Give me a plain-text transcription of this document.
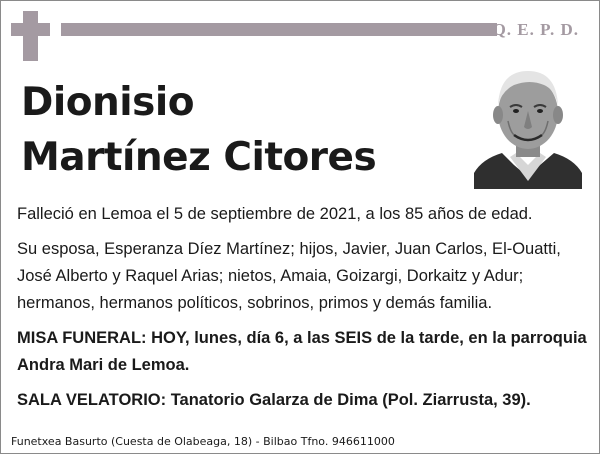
Q. E. P. D.
Dionisio
Martínez Citores

Falleció en Lemoa el 5 de septiembre de 2021, a los 85 años de edad.

Su esposa, Esperanza Díez Martínez; hijos, Javier, Juan Carlos, El-Ouatti, José Alberto y Raquel Arias; nietos, Amaia, Goizargi, Dorkaitz y Adur; hermanos, hermanos políticos, sobrinos, primos y demás familia.

MISA FUNERAL: HOY, lunes, día 6, a las SEIS de la tarde, en la parroquia Andra Mari de Lemoa.

SALA VELATORIO: Tanatorio Galarza de Dima (Pol. Ziarrusta, 39).

Funetxea Basurto (Cuesta de Olabeaga, 18) - Bilbao Tfno. 946611000
